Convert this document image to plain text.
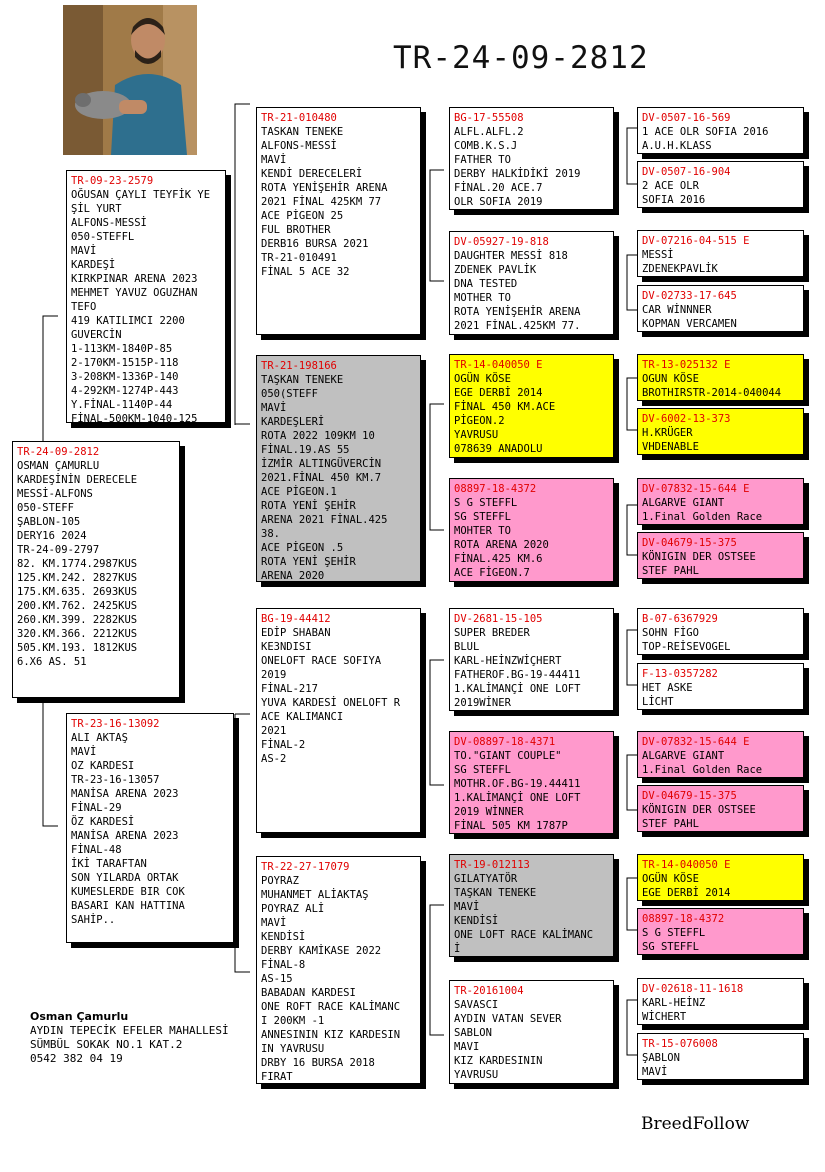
TR-24-09-2812
TR-24-09-2812
OSMAN ÇAMURLU
KARDEŞİNİN DERECELE
MESSİ-ALFONS
050-STEFF
ŞABLON-105
DERY16 2024
TR-24-09-2797
82. KM.1774.2987KUS
125.KM.242. 2827KUS
175.KM.635. 2693KUS
200.KM.762. 2425KUS
260.KM.399. 2282KUS
320.KM.366. 2212KUS
505.KM.193. 1812KUS
6.X6 AS. 51
TR-09-23-2579
OĞUSAN ÇAYLI TEYFİK YE
ŞİL YURT
ALFONS-MESSİ
050-STEFFL
MAVİ
KARDEŞİ
KIRKPINAR ARENA 2023
MEHMET YAVUZ OGUZHAN
TEFO
419 KATILIMCI 2200
GUVERCİN
1-113KM-1840P-85
2-170KM-1515P-118
3-208KM-1336P-140
4-292KM-1274P-443
Y.FİNAL-1140P-44
FİNAL-500KM-1040-125
TR-23-16-13092
ALI AKTAŞ
MAVİ
OZ KARDESI
TR-23-16-13057
MANİSA ARENA 2023
FİNAL-29
ÖZ KARDESİ
MANİSA ARENA 2023
FİNAL-48
İKİ TARAFTAN
SON YILARDA ORTAK
KUMESLERDE BIR COK
BASARI KAN HATTINA
SAHİP..
TR-21-010480
TASKAN TENEKE
ALFONS-MESSİ
MAVİ
KENDİ DERECELERİ
ROTA YENİŞEHİR ARENA
2021 FİNAL 425KM 77
ACE PİGEON 25
FUL BROTHER
DERB16 BURSA 2021
TR-21-010491
FİNAL 5 ACE 32
TR-21-198166
TAŞKAN TENEKE
050(STEFF
MAVİ
KARDEŞLERİ
ROTA 2022 109KM 10
FİNAL.19.AS 55
İZMİR ALTINGÜVERCİN
2021.FİNAL 450 KM.7
ACE PİGEON.1
ROTA YENİ ŞEHİR
ARENA 2021 FİNAL.425
38.
ACE PİGEON .5
ROTA YENİ ŞEHİR
ARENA 2020
BG-19-44412
EDİP SHABAN
KE3NDISI
ONELOFT RACE SOFIYA
2019
FİNAL-217
YUVA KARDESİ ONELOFT R
ACE KALIMANCI
2021
FİNAL-2
AS-2
TR-22-27-17079
POYRAZ
MUHANMET ALİAKTAŞ
POYRAZ ALİ
MAVİ
KENDİSİ
DERBY KAMİKASE 2022
FİNAL-8
AS-15
BABADAN KARDESI
ONE ROFT RACE KALİMANC
I 200KM -1
ANNESININ KIZ KARDESIN
IN YAVRUSU
DRBY 16 BURSA 2018
FIRAT
BG-17-55508
ALFL.ALFL.2
COMB.K.S.J
FATHER TO
DERBY HALKİDİKİ 2019
FİNAL.20 ACE.7
OLR SOFIA 2019
DV-05927-19-818
DAUGHTER MESSİ 818
ZDENEK PAVLİK
DNA TESTED
MOTHER TO
ROTA YENİŞEHİR ARENA
2021 FİNAL.425KM 77.
TR-14-040050 E
OGÜN KÖSE
EGE DERBİ 2014
FİNAL 450 KM.ACE
PİGEON.2
YAVRUSU
078639 ANADOLU
08897-18-4372
S G STEFFL
SG STEFFL
MOHTER TO
ROTA ARENA 2020
FİNAL.425 KM.6
ACE FİGEON.7
DV-2681-15-105
SUPER BREDER
BLUL
KARL-HEİNZWİÇHERT
FATHEROF.BG-19-44411
1.KALİMANÇİ ONE LOFT
2019WİNER
DV-08897-18-4371
TO."GIANT COUPLE"
SG STEFFL
MOTHR.OF.BG-19.44411
1.KALİMANÇİ ONE LOFT
2019 WİNNER
FİNAL 505 KM 1787P
TR-19-012113
GILATYATÖR
TAŞKAN TENEKE
MAVİ
KENDİSİ
ONE LOFT RACE KALİMANC
İ
TR-20161004
SAVASCI
AYDIN VATAN SEVER
SABLON
MAVI
KIZ KARDESININ
YAVRUSU
DV-0507-16-569
1 ACE OLR SOFIA 2016
A.U.H.KLASS
DV-0507-16-904
2 ACE OLR
SOFIA 2016
DV-07216-04-515 E
MESSİ
ZDENEKPAVLİK
DV-02733-17-645
CAR WİNNNER
KOPMAN VERCAMEN
TR-13-025132 E
OGUN KÖSE
BROTHIRSTR-2014-040044
DV-6002-13-373
H.KRÜGER
VHDENABLE
DV-07832-15-644 E
ALGARVE GIANT
1.Final Golden Race
DV-04679-15-375
KÖNIGIN DER OSTSEE
STEF PAHL
B-07-6367929
SOHN FİGO
TOP-REİSEVOGEL
F-13-0357282
HET ASKE
LİCHT
DV-07832-15-644 E
ALGARVE GIANT
1.Final Golden Race
DV-04679-15-375
KÖNIGIN DER OSTSEE
STEF PAHL
TR-14-040050 E
OGÜN KÖSE
EGE DERBİ 2014
08897-18-4372
S G STEFFL
SG STEFFL
DV-02618-11-1618
KARL-HEİNZ
WİCHERT
TR-15-076008
ŞABLON
MAVİ
Osman Çamurlu
AYDIN TEPECİK EFELER MAHALLESİ
SÜMBÜL SOKAK NO.1 KAT.2
0542 382 04 19
BreedFollow
